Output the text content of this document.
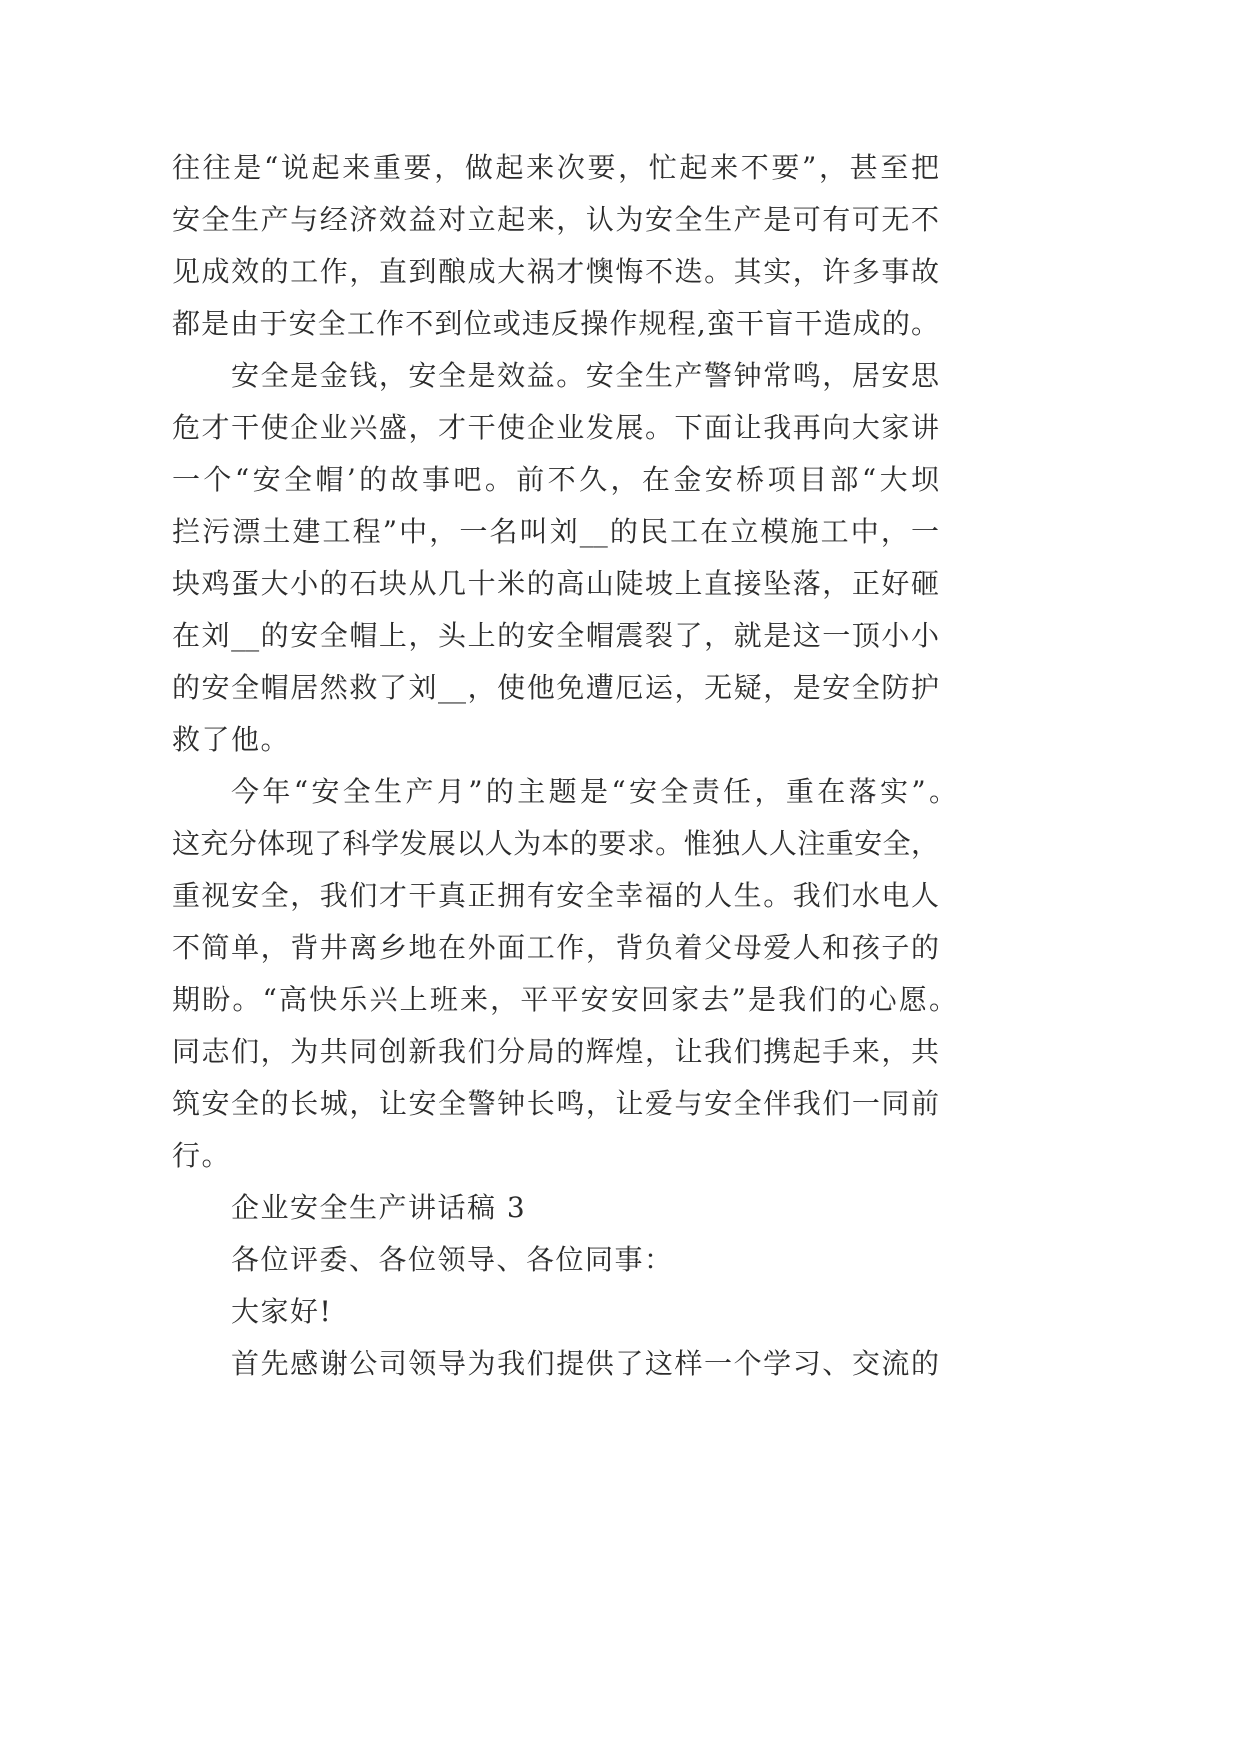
往往是“说起来重要，做起来次要，忙起来不要”，甚至把
安全生产与经济效益对立起来，认为安全生产是可有可无不
见成效的工作，直到酿成大祸才懊悔不迭。其实，许多事故
都是由于安全工作不到位或违反操作规程,蛮干盲干造成的。
安全是金钱，安全是效益。安全生产警钟常鸣，居安思
危才干使企业兴盛，才干使企业发展。下面让我再向大家讲
一个“安全帽’的故事吧。前不久，在金安桥项目部“大坝
拦污漂土建工程”中，一名叫刘__的民工在立模施工中，一
块鸡蛋大小的石块从几十米的高山陡坡上直接坠落，正好砸
在刘__的安全帽上，头上的安全帽震裂了，就是这一顶小小
的安全帽居然救了刘__，使他免遭厄运，无疑，是安全防护
救了他。
今年“安全生产月”的主题是“安全责任，重在落实”。
这充分体现了科学发展以人为本的要求。惟独人人注重安全，
重视安全，我们才干真正拥有安全幸福的人生。我们水电人
不简单，背井离乡地在外面工作，背负着父母爱人和孩子的
期盼。“高快乐兴上班来，平平安安回家去”是我们的心愿。
同志们，为共同创新我们分局的辉煌，让我们携起手来，共
筑安全的长城，让安全警钟长鸣，让爱与安全伴我们一同前
行。
企业安全生产讲话稿 3
各位评委、各位领导、各位同事：
大家好!
首先感谢公司领导为我们提供了这样一个学习、交流的
